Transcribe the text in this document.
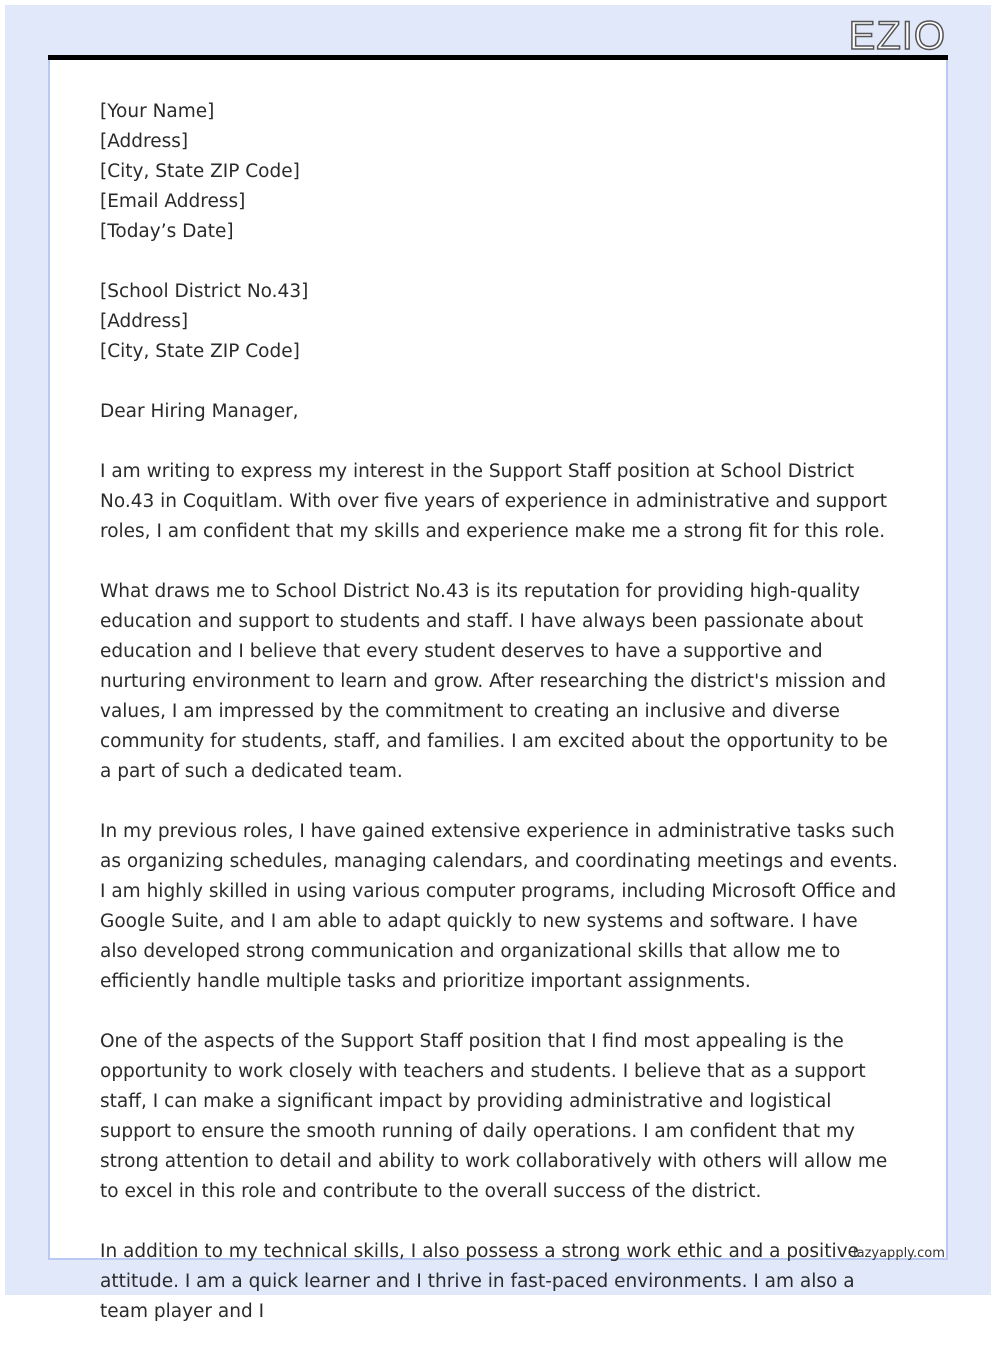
EZIO

[Your Name]
[Address]
[City, State ZIP Code]
[Email Address]
[Today’s Date]

[School District No.43]
[Address]
[City, State ZIP Code]

Dear Hiring Manager,

I am writing to express my interest in the Support Staff position at School District No.43 in Coquitlam. With over five years of experience in administrative and support roles, I am confident that my skills and experience make me a strong fit for this role.

What draws me to School District No.43 is its reputation for providing high-quality education and support to students and staff. I have always been passionate about education and I believe that every student deserves to have a supportive and nurturing environment to learn and grow. After researching the district's mission and values, I am impressed by the commitment to creating an inclusive and diverse community for students, staff, and families. I am excited about the opportunity to be a part of such a dedicated team.

In my previous roles, I have gained extensive experience in administrative tasks such as organizing schedules, managing calendars, and coordinating meetings and events. I am highly skilled in using various computer programs, including Microsoft Office and Google Suite, and I am able to adapt quickly to new systems and software. I have also developed strong communication and organizational skills that allow me to efficiently handle multiple tasks and prioritize important assignments.

One of the aspects of the Support Staff position that I find most appealing is the opportunity to work closely with teachers and students. I believe that as a support staff, I can make a significant impact by providing administrative and logistical support to ensure the smooth running of daily operations. I am confident that my strong attention to detail and ability to work collaboratively with others will allow me to excel in this role and contribute to the overall success of the district.

In addition to my technical skills, I also possess a strong work ethic and a positive attitude. I am a quick learner and I thrive in fast-paced environments. I am also a team player and I

lazyapply.com
